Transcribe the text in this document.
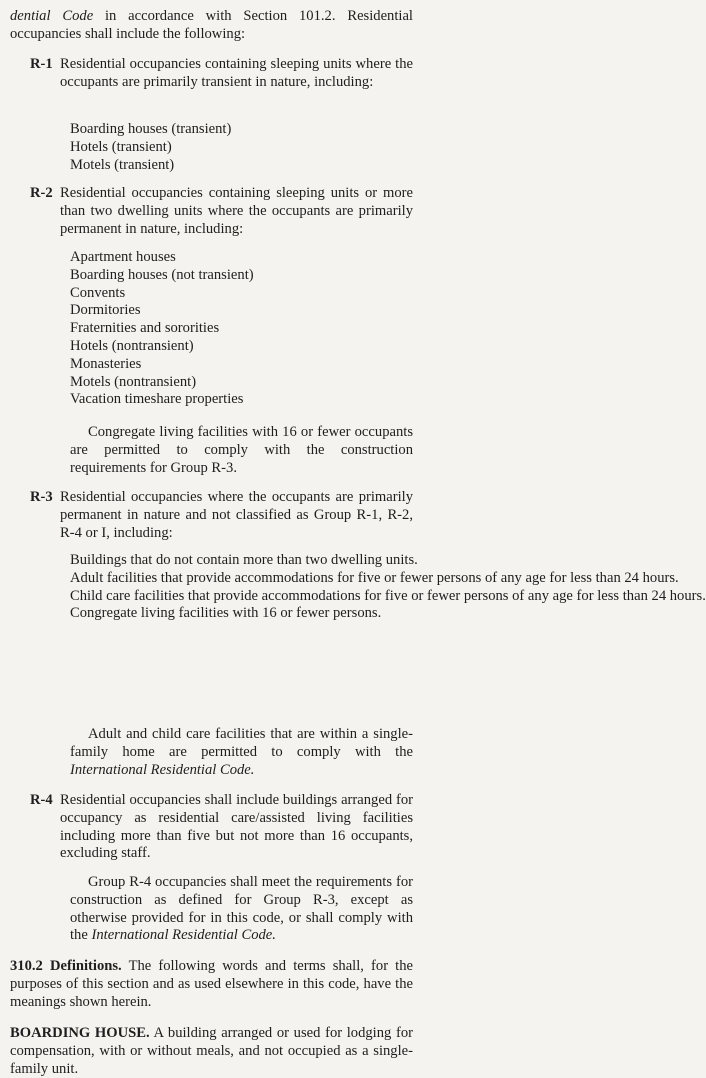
dential Code in accordance with Section 101.2. Residential occupancies shall include the following:

R-1 Residential occupancies containing sleeping units where the occupants are primarily transient in nature, including:

Boarding houses (transient)
Hotels (transient)
Motels (transient)
R-2 Residential occupancies containing sleeping units or more than two dwelling units where the occupants are primarily permanent in nature, including:

Apartment houses
Boarding houses (not transient)
Convents
Dormitories
Fraternities and sororities
Hotels (nontransient)
Monasteries
Motels (nontransient)
Vacation timeshare properties

Congregate living facilities with 16 or fewer occupants are permitted to comply with the construction requirements for Group R-3.

R-3 Residential occupancies where the occupants are primarily permanent in nature and not classified as Group R-1, R-2, R-4 or I, including:

Buildings that do not contain more than two dwelling units.
Adult facilities that provide accommodations for five or fewer persons of any age for less than 24 hours.
Child care facilities that provide accommodations for five or fewer persons of any age for less than 24 hours.
Congregate living facilities with 16 or fewer persons.

Adult and child care facilities that are within a single-family home are permitted to comply with the International Residential Code.

R-4 Residential occupancies shall include buildings arranged for occupancy as residential care/assisted living facilities including more than five but not more than 16 occupants, excluding staff.

Group R-4 occupancies shall meet the requirements for construction as defined for Group R-3, except as otherwise provided for in this code, or shall comply with the International Residential Code.

310.2 Definitions. The following words and terms shall, for the purposes of this section and as used elsewhere in this code, have the meanings shown herein.

BOARDING HOUSE. A building arranged or used for lodging for compensation, with or without meals, and not occupied as a single-family unit.
